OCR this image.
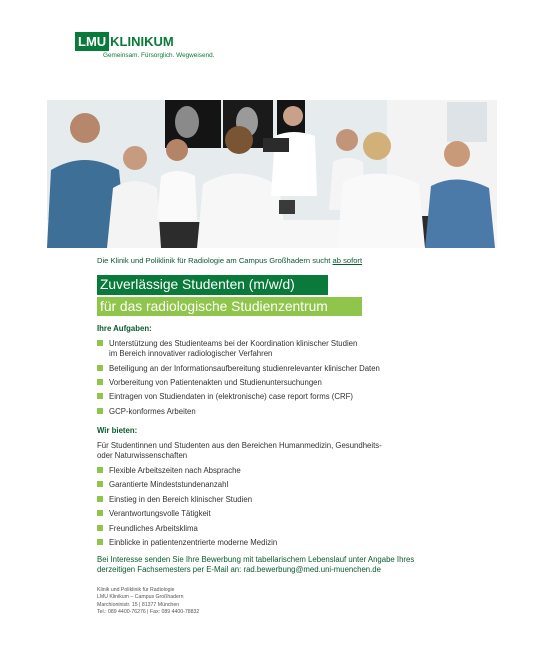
LMU KLINIKUM
Gemeinsam. Fürsorglich. Wegweisend.
Die Klinik und Poliklinik für Radiologie am Campus Großhadern sucht ab sofort
Zuverlässige Studenten (m/w/d)
für das radiologische Studienzentrum
Ihre Aufgaben:
Unterstützung des Studienteams bei der Koordination klinischer Studien
im Bereich innovativer radiologischer Verfahren
Beteiligung an der Informationsaufbereitung studienrelevanter klinischer Daten
Vorbereitung von Patientenakten und Studienuntersuchungen
Eintragen von Studiendaten in (elektronische) case report forms (CRF)
GCP-konformes Arbeiten
Wir bieten:
Für Studentinnen und Studenten aus den Bereichen Humanmedizin, Gesundheits-
oder Naturwissenschaften
Flexible Arbeitszeiten nach Absprache
Garantierte Mindeststundenanzahl
Einstieg in den Bereich klinischer Studien
Verantwortungsvolle Tätigkeit
Freundliches Arbeitsklima
Einblicke in patientenzentrierte moderne Medizin
Bei Interesse senden Sie Ihre Bewerbung mit tabellarischem Lebenslauf unter Angabe Ihres
derzeitigen Fachsemesters per E-Mail an: rad.bewerbung@med.uni-muenchen.de
Klinik und Poliklinik für Radiologie
LMU Klinikum – Campus Großhadern
Marchioninistr. 15 | 81377 München
Tel.: 089 4400-76276 | Fax: 089 4400-78832
